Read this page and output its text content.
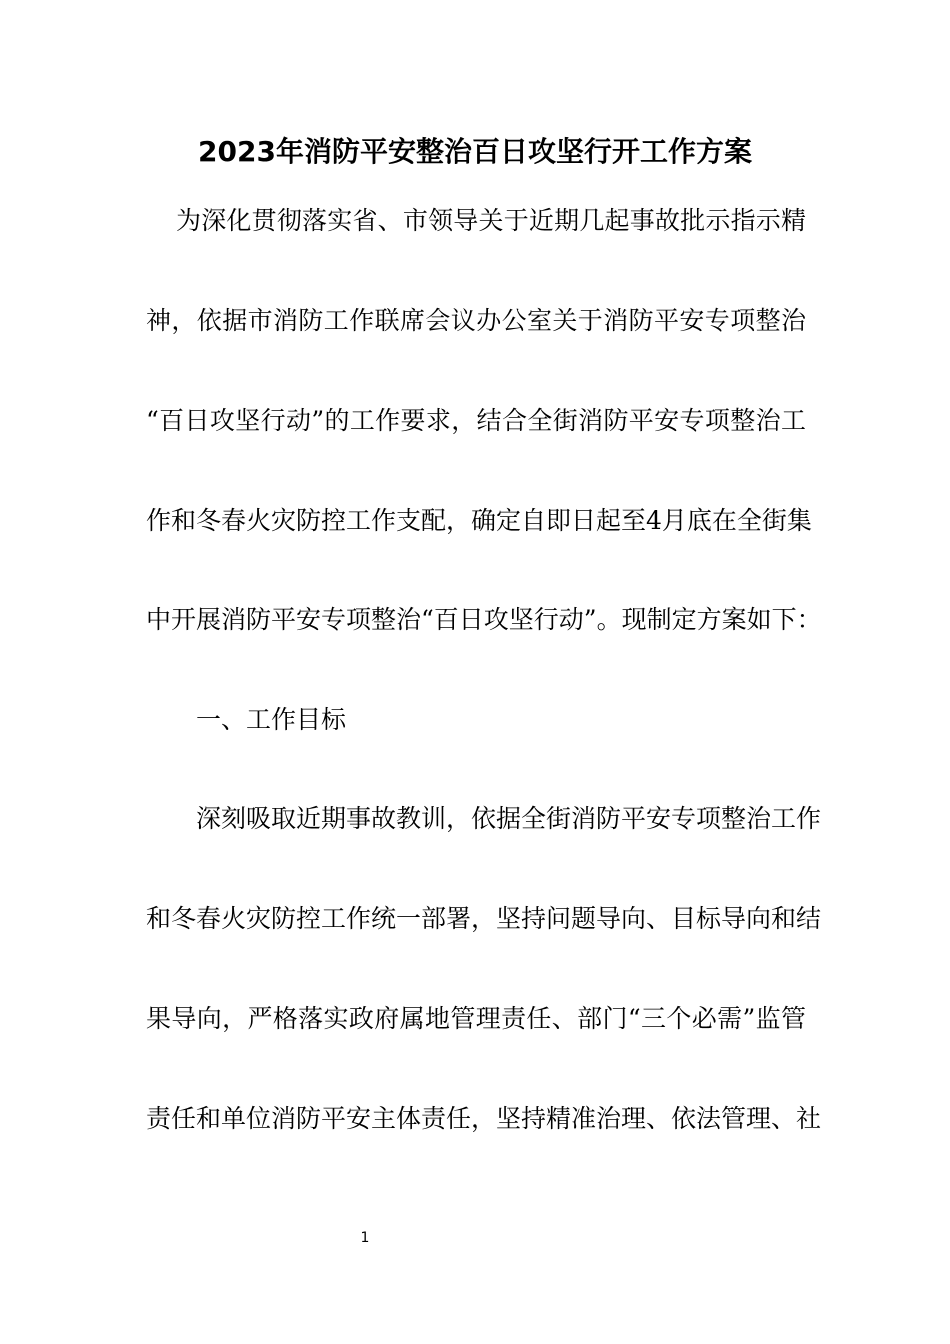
2023年消防平安整治百日攻坚行开工作方案
为深化贯彻落实省、市领导关于近期几起事故批示指示精
神，依据市消防工作联席会议办公室关于消防平安专项整治
“百日攻坚行动”的工作要求，结合全街消防平安专项整治工
作和冬春火灾防控工作支配，确定自即日起至4月底在全街集
中开展消防平安专项整治“百日攻坚行动”。现制定方案如下：
一、工作目标
深刻吸取近期事故教训，依据全街消防平安专项整治工作
和冬春火灾防控工作统一部署，坚持问题导向、目标导向和结
果导向，严格落实政府属地管理责任、部门“三个必需”监管
责任和单位消防平安主体责任，坚持精准治理、依法管理、社
1
